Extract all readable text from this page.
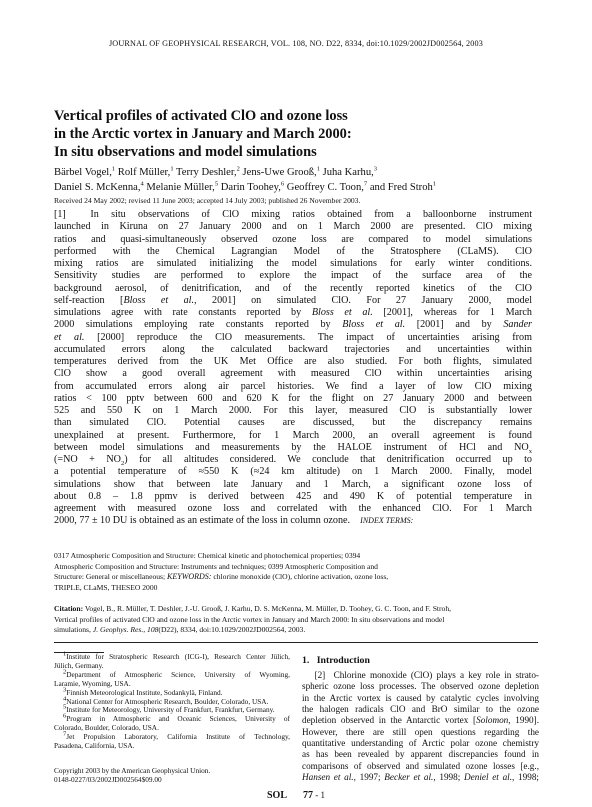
JOURNAL OF GEOPHYSICAL RESEARCH, VOL. 108, NO. D22, 8334, doi:10.1029/2002JD002564, 2003
Vertical profiles of activated ClO and ozone loss
in the Arctic vortex in January and March 2000:
In situ observations and model simulations
Bärbel Vogel,$^1$ Rolf Müller,$^1$ Terry Deshler,$^2$ Jens-Uwe Grooß,$^1$ Juha Karhu,$^3$
Daniel S. McKenna,$^4$ Melanie Müller,$^5$ Darin Toohey,$^6$ Geoffrey C. Toon,$^7$ and Fred Stroh$^1$
Received 24 May 2002; revised 11 June 2003; accepted 14 July 2003; published 26 November 2003.
[1] In situ observations of ClO mixing ratios obtained from a balloonborne instrument
launched in Kiruna on 27 January 2000 and on 1 March 2000 are presented. ClO mixing
ratios and quasi-simultaneously observed ozone loss are compared to model simulations
performed with the Chemical Lagrangian Model of the Stratosphere (CLaMS). ClO
mixing ratios are simulated initializing the model simulations for early winter conditions.
Sensitivity studies are performed to explore the impact of the surface area of the
background aerosol, of denitrification, and of the recently reported kinetics of the ClO
self-reaction [Bloss et al., 2001] on simulated ClO. For 27 January 2000, model
simulations agree with rate constants reported by Bloss et al. [2001], whereas for 1 March
2000 simulations employing rate constants reported by Bloss et al. [2001] and by Sander
et al. [2000] reproduce the ClO measurements. The impact of uncertainties arising from
accumulated errors along the calculated backward trajectories and uncertainties within
temperatures derived from the UK Met Office are also studied. For both flights, simulated
ClO show a good overall agreement with measured ClO within uncertainties arising
from accumulated errors along air parcel histories. We find a layer of low ClO mixing
ratios < 100 pptv between 600 and 620 K for the flight on 27 January 2000 and between
525 and 550 K on 1 March 2000. For this layer, measured ClO is substantially lower
than simulated ClO. Potential causes are discussed, but the discrepancy remains
unexplained at present. Furthermore, for 1 March 2000, an overall agreement is found
between model simulations and measurements by the HALOE instrument of HCl and $NO_x$
$(=NO + NO_2)$ for all altitudes considered. We conclude that denitrification occurred up to
a potential temperature of ≈550 K (≈24 km altitude) on 1 March 2000. Finally, model
simulations show that between late January and 1 March, a significant ozone loss of
about 0.8 – 1.8 ppmv is derived between 425 and 490 K of potential temperature in
agreement with measured ozone loss and correlated with the enhanced ClO. For 1 March
2000, 77 ± 10 DU is obtained as an estimate of the loss in column ozone. INDEX TERMS:
0317 Atmospheric Composition and Structure: Chemical kinetic and photochemical properties; 0394
Atmospheric Composition and Structure: Instruments and techniques; 0399 Atmospheric Composition and
Structure: General or miscellaneous; KEYWORDS: chlorine monoxide (ClO), chlorine activation, ozone loss,
TRIPLE, CLaMS, THESEO 2000
Citation: Vogel, B., R. Müller, T. Deshler, J.-U. Grooß, J. Karhu, D. S. McKenna, M. Müller, D. Toohey, G. C. Toon, and F. Stroh,
Vertical profiles of activated ClO and ozone loss in the Arctic vortex in January and March 2000: In situ observations and model
simulations, J. Geophys. Res., 108(D22), 8334, doi:10.1029/2002JD002564, 2003.
$^1$Institute for Stratospheric Research (ICG-I), Research Center Jülich,
Jülich, Germany.
$^2$Department of Atmospheric Science, University of Wyoming,
Laramie, Wyoming, USA.
$^3$Finnish Meteorological Institute, Sodankylä, Finland.
$^4$National Center for Atmospheric Research, Boulder, Colorado, USA.
$^5$Institute for Meteorology, University of Frankfurt, Frankfurt, Germany.
$^6$Program in Atmospheric and Oceanic Sciences, University of
Colorado, Boulder, Colorado, USA.
$^7$Jet Propulsion Laboratory, California Institute of Technology,
Pasadena, California, USA.
Copyright 2003 by the American Geophysical Union.
0148-0227/03/2002JD002564$09.00
1. Introduction
[2] Chlorine monoxide (ClO) plays a key role in strato-
spheric ozone loss processes. The observed ozone depletion
in the Arctic vortex is caused by catalytic cycles involving
the halogen radicals ClO and BrO similar to the ozone
depletion observed in the Antarctic vortex [Solomon, 1990].
However, there are still open questions regarding the
quantitative understanding of Arctic polar ozone chemistry
as has been revealed by apparent discrepancies found in
comparisons of observed and simulated ozone losses [e.g.,
Hansen et al., 1997; Becker et al., 1998; Deniel et al., 1998;
SOL 77 - 1
